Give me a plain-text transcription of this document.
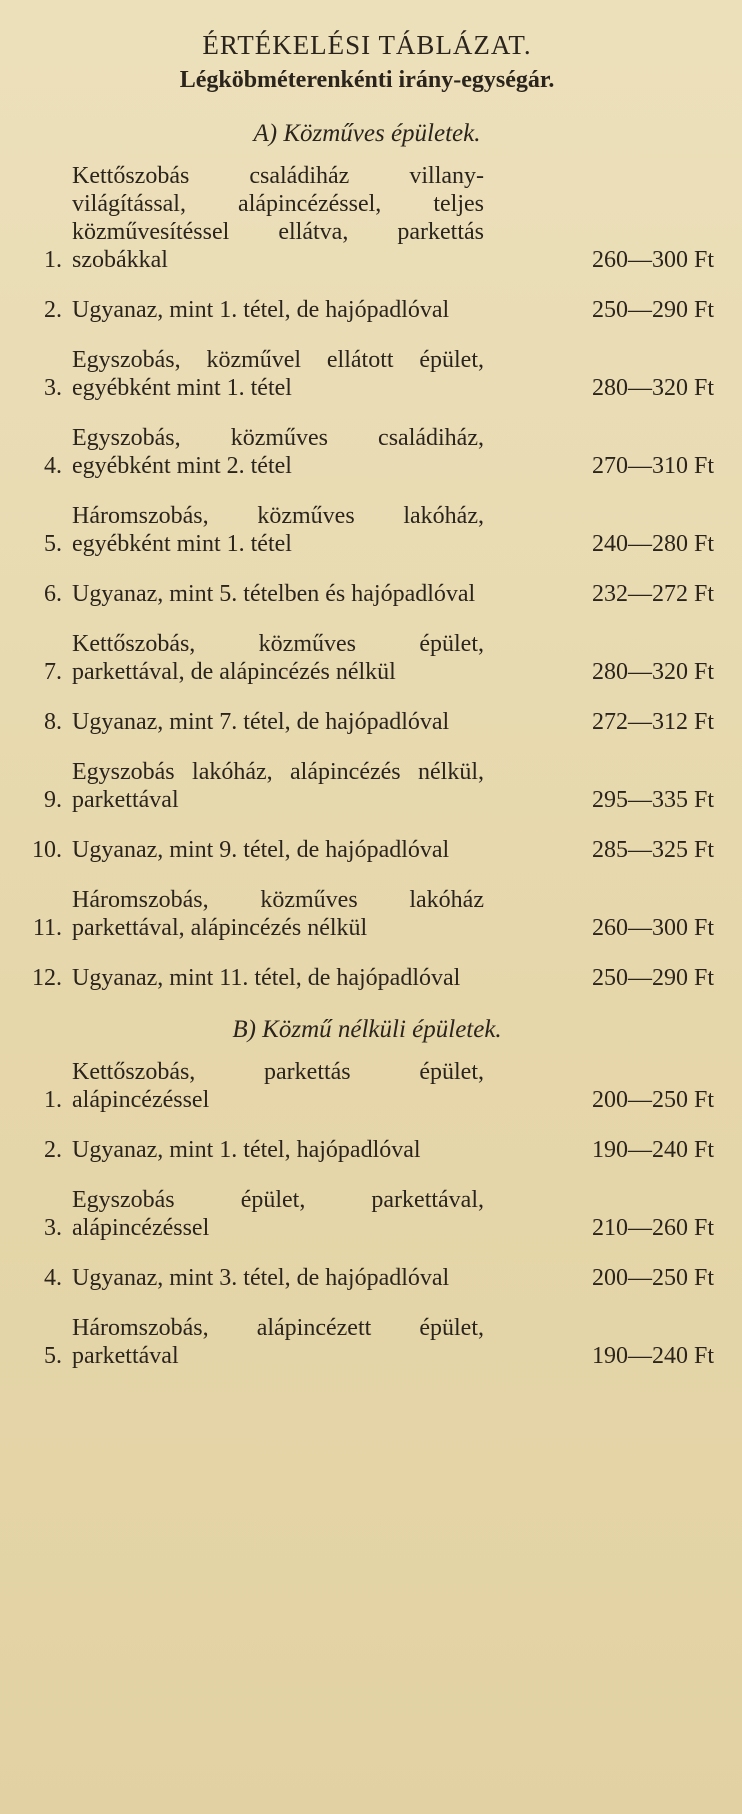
ÉRTÉKELÉSI TÁBLÁZAT.
Légköbméterenkénti irány-egységár.
A) Közműves épületek.
1.
Kettőszobás családiház villany-világítással, alápincézéssel, teljes közművesítéssel ellátva, parkettás szobákkal	260—300 Ft
2. Ugyanaz, mint 1. tétel, de hajópadlóval	250—290 Ft
3.
Egyszobás, közművel ellátott épület, egyébként mint 1. tétel	280—320 Ft
4.
Egyszobás, közműves családiház, egyébként mint 2. tétel	270—310 Ft
5.
Háromszobás, közműves lakóház, egyébként mint 1. tétel	240—280 Ft
6. Ugyanaz, mint 5. tételben és hajópadlóval	232—272 Ft
7.
Kettőszobás, közműves épület, parkettával, de alápincézés nélkül	280—320 Ft
8. Ugyanaz, mint 7. tétel, de hajópadlóval	272—312 Ft
9.
Egyszobás lakóház, alápincézés nélkül, parkettával	295—335 Ft
10. Ugyanaz, mint 9. tétel, de hajópadlóval	285—325 Ft
11.
Háromszobás, közműves lakóház parkettával, alápincézés nélkül	260—300 Ft
12. Ugyanaz, mint 11. tétel, de hajópadlóval	250—290 Ft
B) Közmű nélküli épületek.
1.
Kettőszobás, parkettás épület, alápincézéssel	200—250 Ft
2. Ugyanaz, mint 1. tétel, hajópadlóval	190—240 Ft
3.
Egyszobás épület, parkettával, alápincézéssel	210—260 Ft
4. Ugyanaz, mint 3. tétel, de hajópadlóval	200—250 Ft
5.
Háromszobás, alápincézett épület, parkettával	190—240 Ft
